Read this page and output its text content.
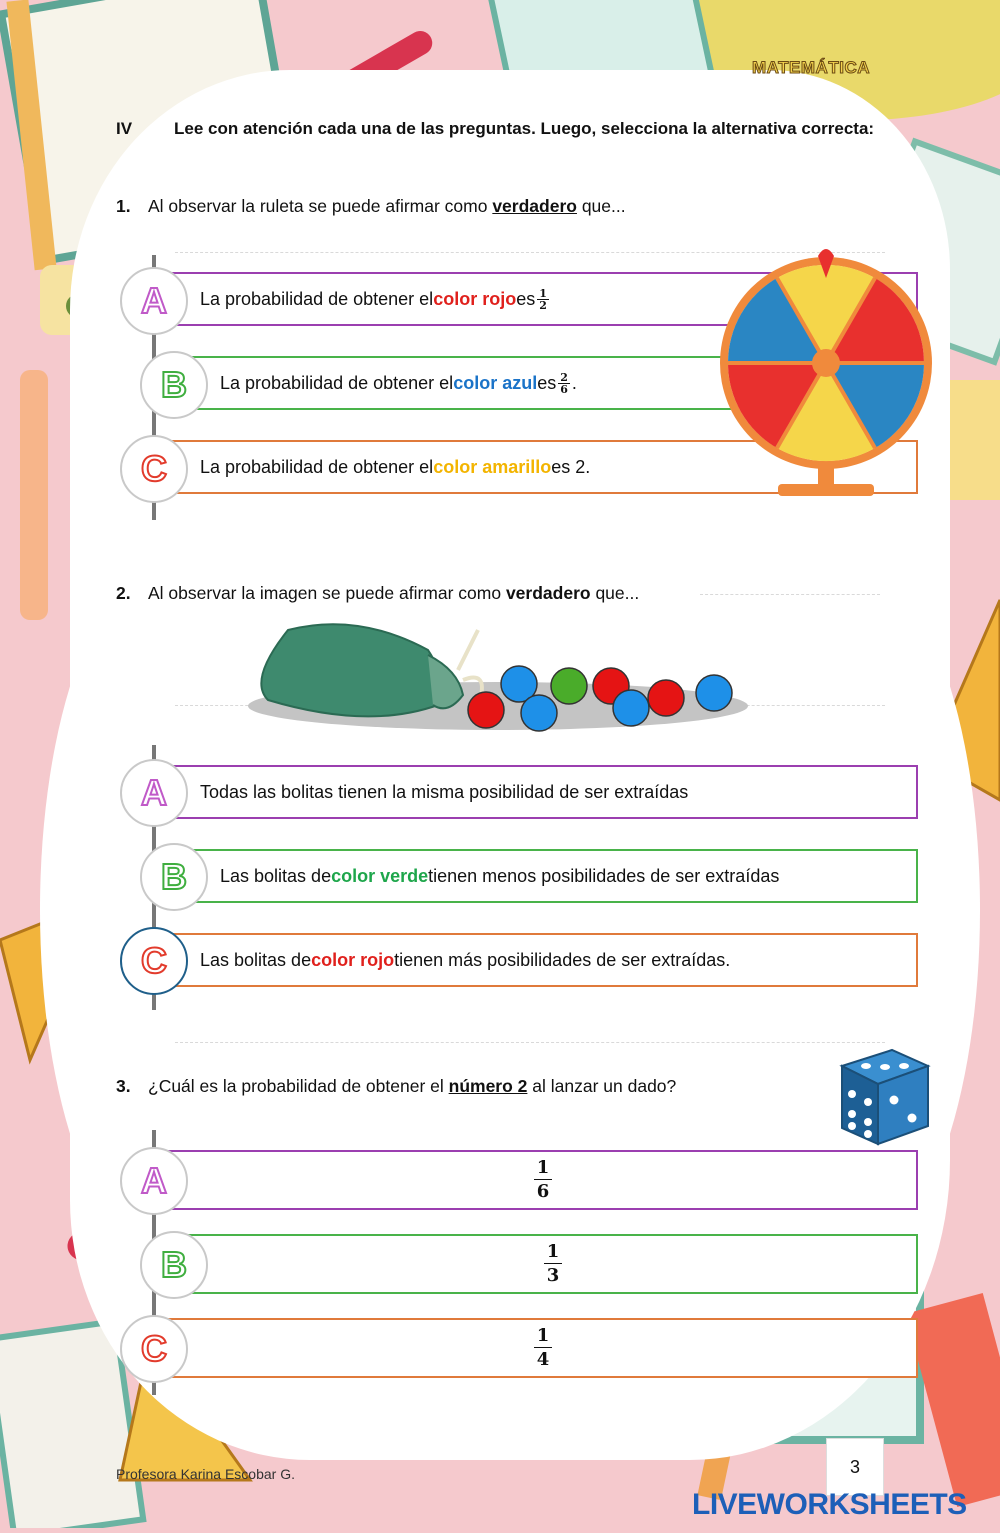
MATEMÁTICA
IV Lee con atención cada una de las preguntas. Luego, selecciona la alternativa correcta:
1. Al observar la ruleta se puede afirmar como verdadero que...
La probabilidad de obtener el color rojo es $\frac{1}{2}$
A
La probabilidad de obtener el color azul es $\frac{2}{6}$ .
B
La probabilidad de obtener el color amarillo es 2.
C
2. Al observar la imagen se puede afirmar como verdadero que...
Todas las bolitas tienen la misma posibilidad de ser extraídas
A
Las bolitas de color verde tienen menos posibilidades de ser extraídas
B
Las bolitas de color rojo tienen más posibilidades de ser extraídas.
C
3. ¿Cuál es la probabilidad de obtener el número 2 al lanzar un dado?
$\frac{1}{6}$
A
$\frac{1}{3}$
B
$\frac{1}{4}$
C
Profesora Karina Escobar G.	3
LIVEWORKSHEETS
